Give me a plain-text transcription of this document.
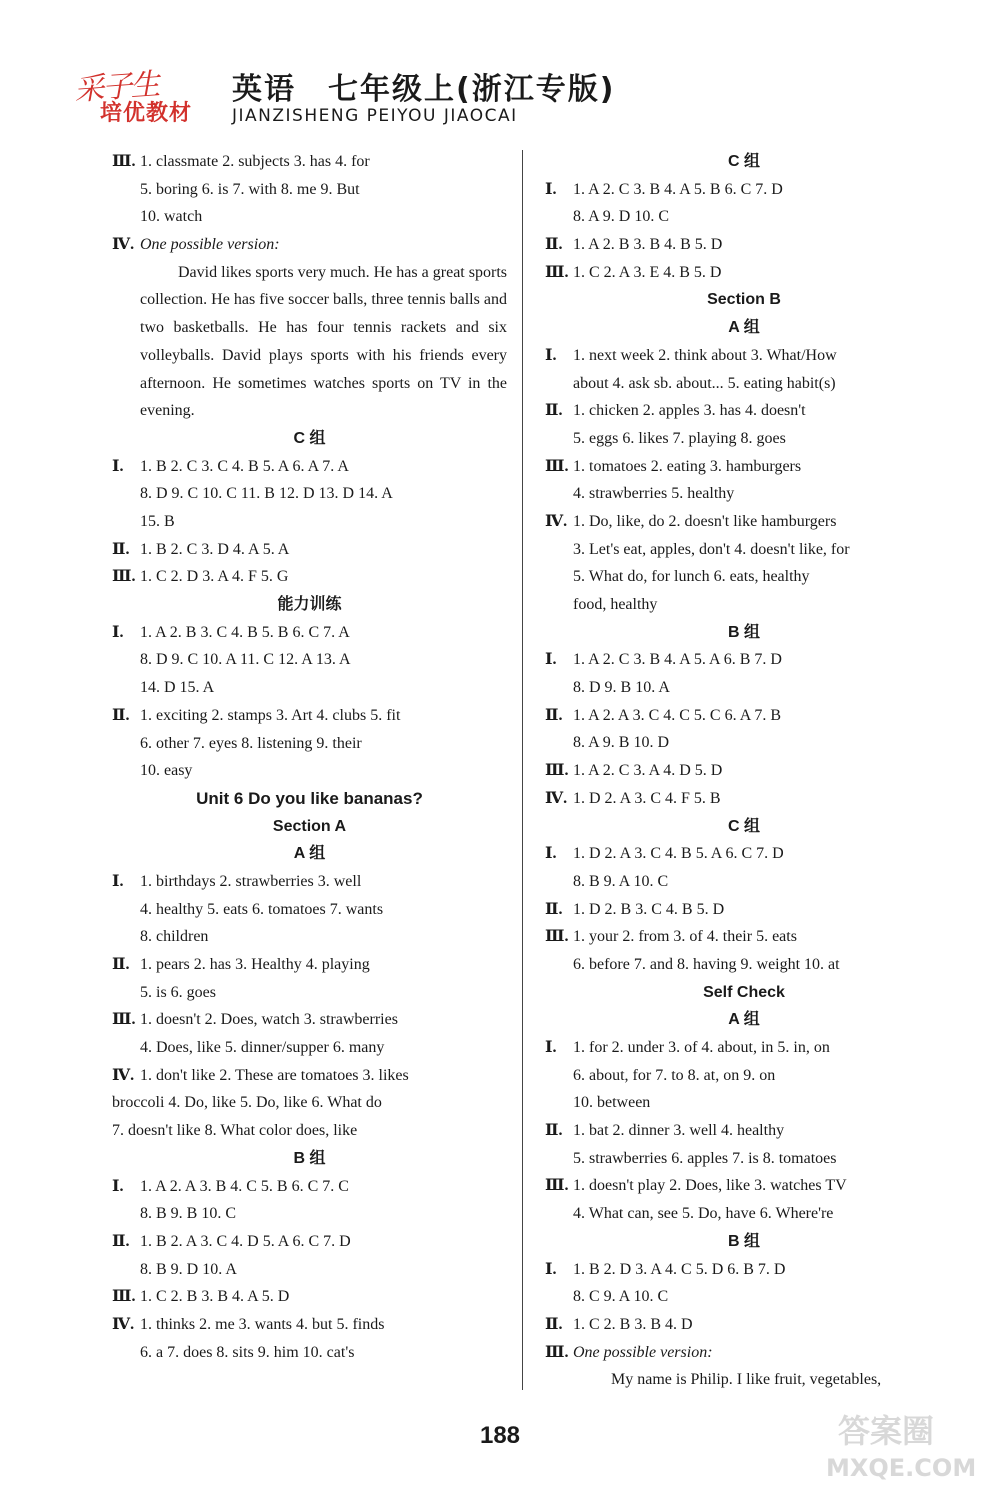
采子生
培优教材
英语　七年级上(浙江专版)
JIANZISHENG PEIYOU JIAOCAI
Ⅲ. 1. classmate 2. subjects 3. has 4. for
5. boring 6. is 7. with 8. me 9. But
10. watch
Ⅳ. One possible version:

David likes sports very much. He has a great sports collection. He has five soccer balls, three tennis balls and two basketballs. He has four tennis rackets and six volleyballs. David plays sports with his friends every afternoon. He sometimes watches sports on TV in the evening.

C 组
Ⅰ. 1. B 2. C 3. C 4. B 5. A 6. A 7. A
8. D 9. C 10. C 11. B 12. D 13. D 14. A
15. B
Ⅱ. 1. B 2. C 3. D 4. A 5. A
Ⅲ. 1. C 2. D 3. A 4. F 5. G
能力训练
Ⅰ. 1. A 2. B 3. C 4. B 5. B 6. C 7. A
8. D 9. C 10. A 11. C 12. A 13. A
14. D 15. A
Ⅱ. 1. exciting 2. stamps 3. Art 4. clubs 5. fit
6. other 7. eyes 8. listening 9. their
10. easy
Unit 6 Do you like bananas?
Section A
A 组
Ⅰ. 1. birthdays 2. strawberries 3. well
4. healthy 5. eats 6. tomatoes 7. wants
8. children
Ⅱ. 1. pears 2. has 3. Healthy 4. playing
5. is 6. goes
Ⅲ. 1. doesn't 2. Does, watch 3. strawberries
4. Does, like 5. dinner/supper 6. many
Ⅳ. 1. don't like 2. These are tomatoes 3. likes
broccoli 4. Do, like 5. Do, like 6. What do
7. doesn't like 8. What color does, like
B 组
Ⅰ. 1. A 2. A 3. B 4. C 5. B 6. C 7. C
8. B 9. B 10. C
Ⅱ. 1. B 2. A 3. C 4. D 5. A 6. C 7. D
8. B 9. D 10. A
Ⅲ. 1. C 2. B 3. B 4. A 5. D
Ⅳ. 1. thinks 2. me 3. wants 4. but 5. finds
6. a 7. does 8. sits 9. him 10. cat's
C 组
Ⅰ. 1. A 2. C 3. B 4. A 5. B 6. C 7. D
8. A 9. D 10. C
Ⅱ. 1. A 2. B 3. B 4. B 5. D
Ⅲ. 1. C 2. A 3. E 4. B 5. D
Section B
A 组
Ⅰ. 1. next week 2. think about 3. What/How
about 4. ask sb. about... 5. eating habit(s)
Ⅱ. 1. chicken 2. apples 3. has 4. doesn't
5. eggs 6. likes 7. playing 8. goes
Ⅲ. 1. tomatoes 2. eating 3. hamburgers
4. strawberries 5. healthy
Ⅳ. 1. Do, like, do 2. doesn't like hamburgers
3. Let's eat, apples, don't 4. doesn't like, for
5. What do, for lunch 6. eats, healthy
food, healthy
B 组
Ⅰ. 1. A 2. C 3. B 4. A 5. A 6. B 7. D
8. D 9. B 10. A
Ⅱ. 1. A 2. A 3. C 4. C 5. C 6. A 7. B
8. A 9. B 10. D
Ⅲ. 1. A 2. C 3. A 4. D 5. D
Ⅳ. 1. D 2. A 3. C 4. F 5. B
C 组
Ⅰ. 1. D 2. A 3. C 4. B 5. A 6. C 7. D
8. B 9. A 10. C
Ⅱ. 1. D 2. B 3. C 4. B 5. D
Ⅲ. 1. your 2. from 3. of 4. their 5. eats
6. before 7. and 8. having 9. weight 10. at
Self Check
A 组
Ⅰ. 1. for 2. under 3. of 4. about, in 5. in, on
6. about, for 7. to 8. at, on 9. on
10. between
Ⅱ. 1. bat 2. dinner 3. well 4. healthy
5. strawberries 6. apples 7. is 8. tomatoes
Ⅲ. 1. doesn't play 2. Does, like 3. watches TV
4. What can, see 5. Do, have 6. Where're
B 组
Ⅰ. 1. B 2. D 3. A 4. C 5. D 6. B 7. D
8. C 9. A 10. C
Ⅱ. 1. C 2. B 3. B 4. D
Ⅲ. One possible version:
My name is Philip. I like fruit, vegetables,
188	答案圈
MXQE.COM
